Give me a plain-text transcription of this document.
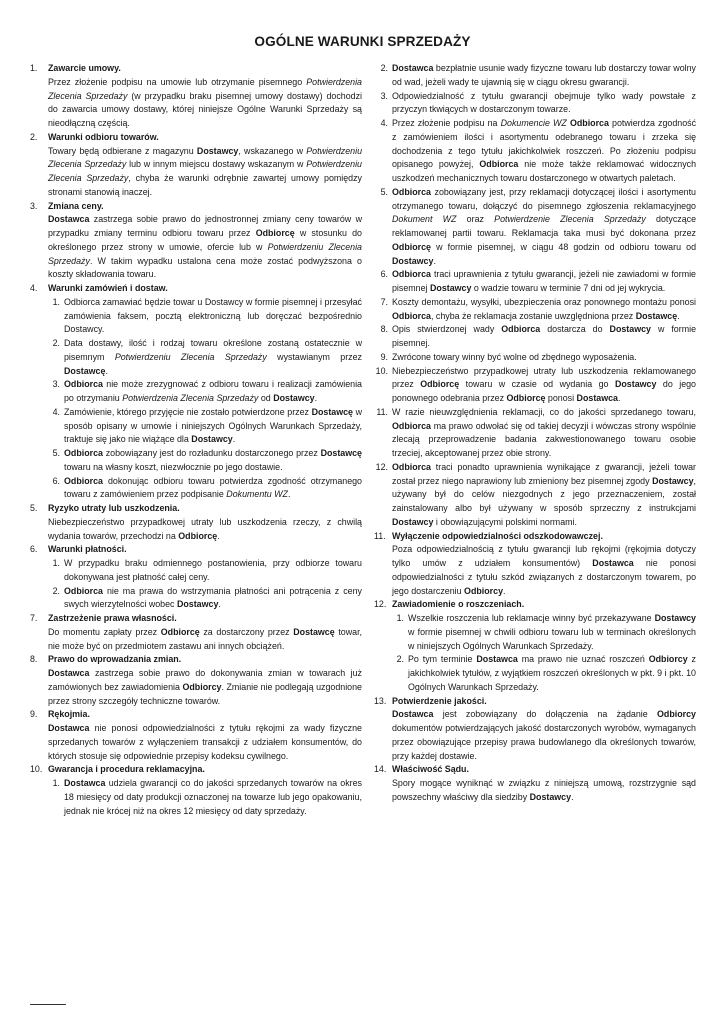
OGÓLNE WARUNKI SPRZEDAŻY
1.	Zawarcie umowy.
Przez złożenie podpisu na umowie lub otrzymanie pisemnego Potwierdzenia Zlecenia Sprzedaży (w przypadku braku pisemnej umowy dostawy) dochodzi do zawarcia umowy dostawy, której niniejsze Ogólne Warunki Sprzedaży są nieodłączną częścią.
2.	Warunki odbioru towarów.
Towary będą odbierane z magazynu Dostawcy, wskazanego w Potwierdzeniu Zlecenia Sprzedaży lub w innym miejscu dostawy wskazanym w Potwierdzeniu Zlecenia Sprzedaży, chyba że warunki odrębnie zawartej umowy pomiędzy stronami stanowią inaczej.
3.	Zmiana ceny.
Dostawca zastrzega sobie prawo do jednostronnej zmiany ceny towarów w przypadku zmiany terminu odbioru towaru przez Odbiorcę w stosunku do określonego przez strony w umowie, ofercie lub w Potwierdzeniu Zlecenia Sprzedaży. W takim wypadku ustalona cena może zostać podwyższona o koszty składowania towaru.
4.	Warunki zamówień i dostaw.
1. Odbiorca zamawiać będzie towar u Dostawcy w formie pisemnej i przesyłać zamówienia faksem, pocztą elektroniczną lub doręczać bezpośrednio Dostawcy.
2. Data dostawy, ilość i rodzaj towaru określone zostaną ostatecznie w pisemnym Potwierdzeniu Zlecenia Sprzedaży wystawianym przez Dostawcę.
3. Odbiorca nie może zrezygnować z odbioru towaru i realizacji zamówienia po otrzymaniu Potwierdzenia Zlecenia Sprzedaży od Dostawcy.
4. Zamówienie, którego przyjęcie nie zostało potwierdzone przez Dostawcę w sposób opisany w umowie i niniejszych Ogólnych Warunkach Sprzedaży, traktuje się jako nie wiążące dla Dostawcy.
5. Odbiorca zobowiązany jest do rozładunku dostarczonego przez Dostawcę towaru na własny koszt, niezwłocznie po jego dostawie.
6. Odbiorca dokonując odbioru towaru potwierdza zgodność otrzymanego towaru z zamówieniem przez podpisanie Dokumentu WZ.
5.	Ryzyko utraty lub uszkodzenia.
Niebezpieczeństwo przypadkowej utraty lub uszkodzenia rzeczy, z chwilą wydania towarów, przechodzi na Odbiorcę.
6.	Warunki płatności.
1. W przypadku braku odmiennego postanowienia, przy odbiorze towaru dokonywana jest płatność całej ceny.
2. Odbiorca nie ma prawa do wstrzymania płatności ani potrącenia z ceny swych wierzytelności wobec Dostawcy.
7.	Zastrzeżenie prawa własności.
Do momentu zapłaty przez Odbiorcę za dostarczony przez Dostawcę towar, nie może być on przedmiotem zastawu ani innych obciążeń.
8.	Prawo do wprowadzania zmian.
Dostawca zastrzega sobie prawo do dokonywania zmian w towarach już zamówionych bez zawiadomienia Odbiorcy. Zmianie nie podlegają uzgodnione przez strony szczegóły techniczne towarów.
9.	Rękojmia.
Dostawca nie ponosi odpowiedzialności z tytułu rękojmi za wady fizyczne sprzedanych towarów z wyłączeniem transakcji z udziałem konsumentów, do których stosuje się odpowiednie przepisy kodeksu cywilnego.
10. Gwarancja i procedura reklamacyjna.
1. Dostawca udziela gwarancji co do jakości sprzedanych towarów na okres 18 miesięcy od daty produkcji oznaczonej na towarze lub jego opakowaniu, jednak nie krócej niż na okres 12 miesięcy od daty sprzedaży.
2. Dostawca bezpłatnie usunie wady fizyczne towaru lub dostarczy towar wolny od wad, jeżeli wady te ujawnią się w ciągu okresu gwarancji.
3. Odpowiedzialność z tytułu gwarancji obejmuje tylko wady powstałe z przyczyn tkwiących w dostarczonym towarze.
4. Przez złożenie podpisu na Dokumencie WZ Odbiorca potwierdza zgodność z zamówieniem ilości i asortymentu odebranego towaru i zrzeka się dochodzenia z tego tytułu jakichkolwiek roszczeń. Po złożeniu podpisu opisanego powyżej, Odbiorca nie może także reklamować widocznych uszkodzeń mechanicznych towaru dostarczonego w otwartych paletach.
5. Odbiorca zobowiązany jest, przy reklamacji dotyczącej ilości i asortymentu otrzymanego towaru, dołączyć do pisemnego zgłoszenia reklamacyjnego Dokument WZ oraz Potwierdzenie Zlecenia Sprzedaży dotyczące reklamowanej partii towaru. Reklamacja taka musi być dokonana przez Odbiorcę w formie pisemnej, w ciągu 48 godzin od odbioru towaru od Dostawcy.
6. Odbiorca traci uprawnienia z tytułu gwarancji, jeżeli nie zawiadomi w formie pisemnej Dostawcy o wadzie towaru w terminie 7 dni od jej wykrycia.
7. Koszty demontażu, wysyłki, ubezpieczenia oraz ponownego montażu ponosi Odbiorca, chyba że reklamacja zostanie uwzględniona przez Dostawcę.
8. Opis stwierdzonej wady Odbiorca dostarcza do Dostawcy w formie pisemnej.
9. Zwrócone towary winny być wolne od zbędnego wyposażenia.
10. Niebezpieczeństwo przypadkowej utraty lub uszkodzenia reklamowanego przez Odbiorcę towaru w czasie od wydania go Dostawcy do jego ponownego odebrania przez Odbiorcę ponosi Dostawca.
11. W razie nieuwzględnienia reklamacji, co do jakości sprzedanego towaru, Odbiorca ma prawo odwołać się od takiej decyzji i wówczas strony wspólnie zlecają przeprowadzenie badania zakwestionowanego towaru osobie trzeciej, akceptowanej przez obie strony.
12. Odbiorca traci ponadto uprawnienia wynikające z gwarancji, jeżeli towar został przez niego naprawiony lub zmieniony bez pisemnej zgody Dostawcy, używany był do celów niezgodnych z jego przeznaczeniem, został zainstalowany albo był używany w sposób sprzeczny z instrukcjami Dostawcy i obowiązującymi polskimi normami.
11. Wyłączenie odpowiedzialności odszkodowawczej.
Poza odpowiedzialnością z tytułu gwarancji lub rękojmi (rękojmia dotyczy tylko umów z udziałem konsumentów) Dostawca nie ponosi odpowiedzialności z tytułu szkód związanych z dostarczonym towarem, po jego dostarczeniu Odbiorcy.
12. Zawiadomienie o roszczeniach.
1. Wszelkie roszczenia lub reklamacje winny być przekazywane Dostawcy w formie pisemnej w chwili odbioru towaru lub w terminach określonych w niniejszych Ogólnych Warunkach Sprzedaży.
2. Po tym terminie Dostawca ma prawo nie uznać roszczeń Odbiorcy z jakichkolwiek tytułów, z wyjątkiem roszczeń określonych w pkt. 9 i pkt. 10 Ogólnych Warunkach Sprzedaży.
13. Potwierdzenie jakości.
Dostawca jest zobowiązany do dołączenia na żądanie Odbiorcy dokumentów potwierdzających jakość dostarczonych wyrobów, wymaganych przez obowiązujące przepisy prawa budowlanego dla określonych towarów, przy każdej dostawie.
14. Właściwość Sądu.
Spory mogące wyniknąć w związku z niniejszą umową, rozstrzygnie sąd powszechny właściwy dla siedziby Dostawcy.
